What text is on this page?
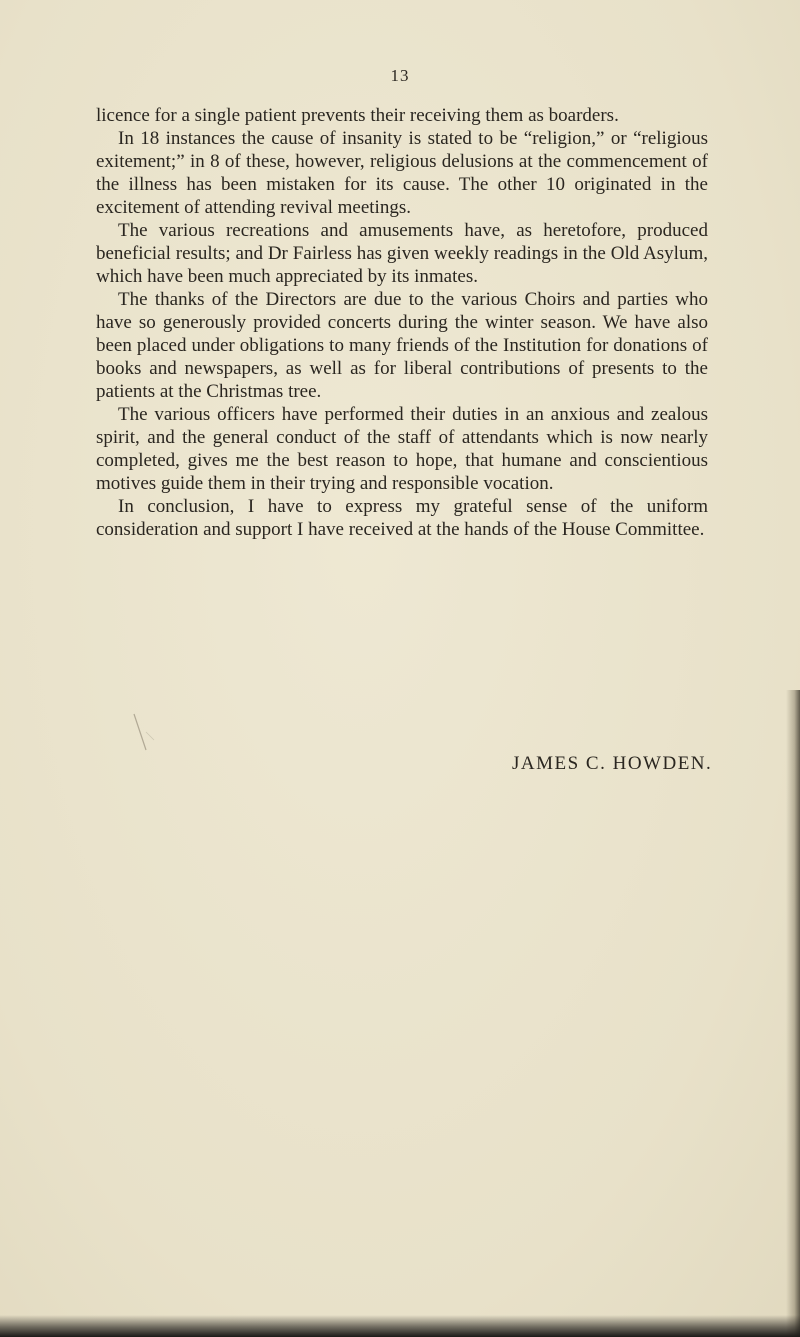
13

licence for a single patient prevents their receiving them as boarders.

In 18 instances the cause of insanity is stated to be “religion,” or “religious exitement;” in 8 of these, however, religious delusions at the commencement of the illness has been mistaken for its cause. The other 10 originated in the excitement of attending revival meetings.

The various recreations and amusements have, as heretofore, produced beneficial results; and Dr Fairless has given weekly readings in the Old Asylum, which have been much appreciated by its inmates.

The thanks of the Directors are due to the various Choirs and parties who have so generously provided concerts during the winter season. We have also been placed under obligations to many friends of the Institution for donations of books and newspapers, as well as for liberal contributions of presents to the patients at the Christmas tree.

The various officers have performed their duties in an anxious and zealous spirit, and the general conduct of the staff of attendants which is now nearly completed, gives me the best reason to hope, that humane and conscientious motives guide them in their trying and responsible vocation.

In conclusion, I have to express my grateful sense of the uniform consideration and support I have received at the hands of the House Committee.

JAMES C. HOWDEN.
